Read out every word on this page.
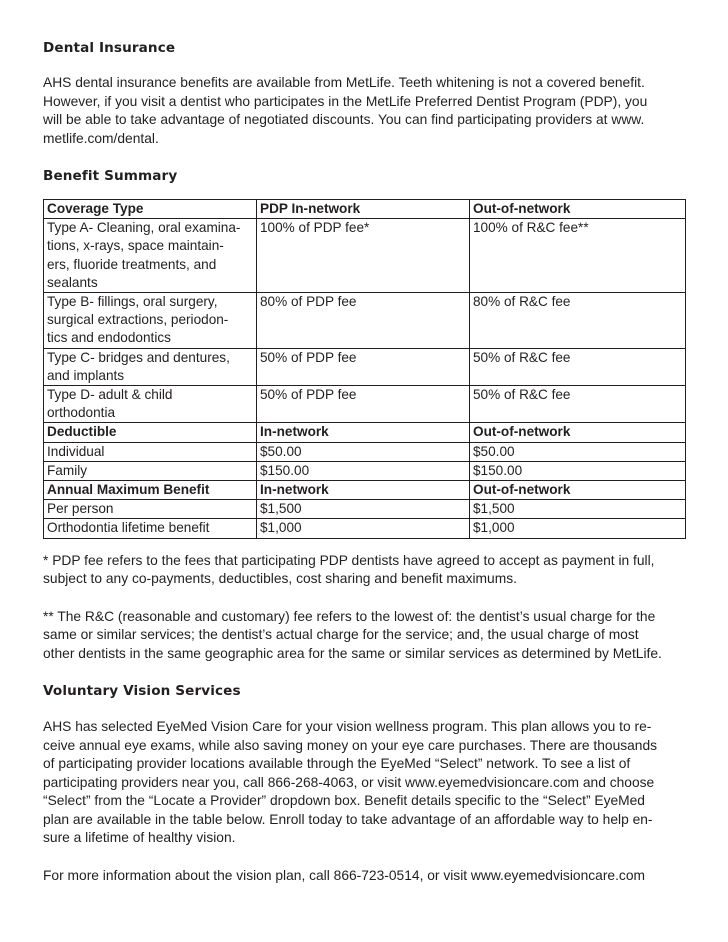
Dental Insurance

AHS dental insurance benefits are available from MetLife. Teeth whitening is not a covered benefit.
However, if you visit a dentist who participates in the MetLife Preferred Dentist Program (PDP), you
will be able to take advantage of negotiated discounts. You can find participating providers at www.
metlife.com/dental.

Benefit Summary
Coverage Type	PDP In-network	Out-of-network
Type A- Cleaning, oral examina-
tions, x-rays, space maintain-
ers, fluoride treatments, and
sealants	100% of PDP fee*	100% of R&C fee**
Type B- fillings, oral surgery,
surgical extractions, periodon-
tics and endodontics	80% of PDP fee	80% of R&C fee
Type C- bridges and dentures,
and implants	50% of PDP fee	50% of R&C fee
Type D- adult & child
orthodontia	50% of PDP fee	50% of R&C fee
Deductible	In-network	Out-of-network
Individual	$50.00	$50.00
Family	$150.00	$150.00
Annual Maximum Benefit	In-network	Out-of-network
Per person	$1,500	$1,500
Orthodontia lifetime benefit	$1,000	$1,000

* PDP fee refers to the fees that participating PDP dentists have agreed to accept as payment in full,
subject to any co-payments, deductibles, cost sharing and benefit maximums.

** The R&C (reasonable and customary) fee refers to the lowest of: the dentist’s usual charge for the
same or similar services; the dentist’s actual charge for the service; and, the usual charge of most
other dentists in the same geographic area for the same or similar services as determined by MetLife.

Voluntary Vision Services

AHS has selected EyeMed Vision Care for your vision wellness program. This plan allows you to re-
ceive annual eye exams, while also saving money on your eye care purchases. There are thousands
of participating provider locations available through the EyeMed “Select” network. To see a list of
participating providers near you, call 866-268-4063, or visit www.eyemedvisioncare.com and choose
“Select” from the “Locate a Provider” dropdown box. Benefit details specific to the “Select” EyeMed
plan are available in the table below. Enroll today to take advantage of an affordable way to help en-
sure a lifetime of healthy vision.

For more information about the vision plan, call 866-723-0514, or visit www.eyemedvisioncare.com
